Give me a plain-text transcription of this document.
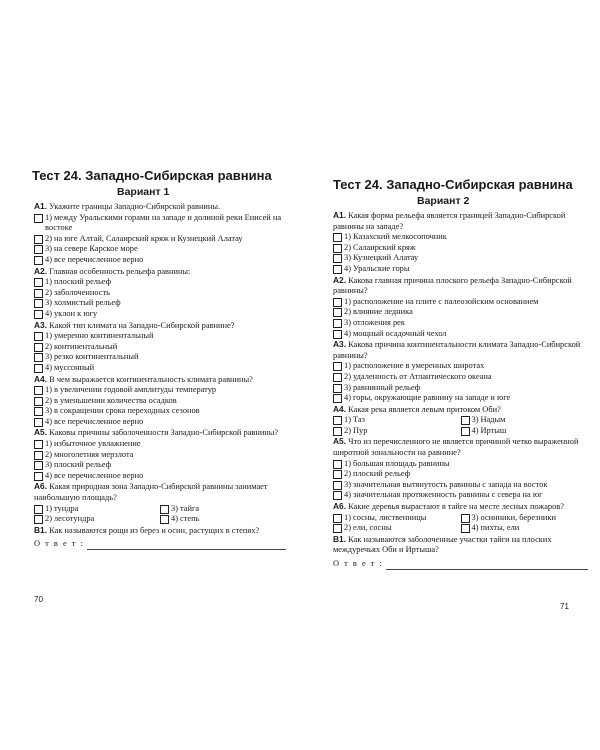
Тест 24. Западно-Сибирская равнина
Вариант 1
A1. Укажите границы Западно-Сибирской равнины.
1) между Уральскими горами на западе и долиной реки Енисей на востоке
2) на юге Алтай, Салаирский кряж и Кузнецкий Алатау
3) на севере Карское море
4) все перечисленное верно
A2. Главная особенность рельефа равнины:
1) плоский рельеф
2) заболоченность
3) холмистый рельеф
4) уклон к югу
A3. Какой тип климата на Западно-Сибирской равнине?
1) умеренно континентальный
2) континентальный
3) резко континентальный
4) муссонный
A4. В чем выражается континентальность климата равнины?
1) в увеличении годовой амплитуды температур
2) в уменьшении количества осадков
3) в сокращении срока переходных сезонов
4) все перечисленное верно
A5. Каковы причины заболоченности Западно-Сибирской равнины?
1) избыточное увлажнение
2) многолетняя мерзлота
3) плоский рельеф
4) все перечисленное верно
A6. Какая природная зона Западно-Сибирской равнины занимает наибольшую площадь?
1) тундра	3) тайга
2) лесотундра	4) степь
B1. Как называются рощи из берез и осин, растущих в степях?
О т в е т :
70
Тест 24. Западно-Сибирская равнина
Вариант 2
A1. Какая форма рельефа является границей Западно-Сибирской равнины на западе?
1) Казахский мелкосопочник
2) Салаирский кряж
3) Кузнецкий Алатау
4) Уральские горы
A2. Какова главная причина плоского рельефа Западно-Сибирской равнины?
1) расположение на плите с палеозойским основанием
2) влияние ледника
3) отложения рек
4) мощный осадочный чехол
A3. Какова причина континентальности климата Западно-Сибирской равнины?
1) расположение в умеренных широтах
2) удаленность от Атлантического океана
3) равнинный рельеф
4) горы, окружающие равнину на западе и юге
A4. Какая река является левым притоком Оби?
1) Таз	3) Надым
2) Пур	4) Иртыш
A5. Что из перечисленного не является причиной четко выраженной широтной зональности на равнине?
1) большая площадь равнины
2) плоский рельеф
3) значительная вытянутость равнины с запада на восток
4) значительная протяженность равнины с севера на юг
A6. Какие деревья вырастают в тайге на месте лесных пожаров?
1) сосны, лиственницы	3) осинники, березники
2) ели, сосны	4) пихты, ели
B1. Как называются заболоченные участки тайги на плоских междуречьях Оби и Иртыша?
О т в е т :
71
